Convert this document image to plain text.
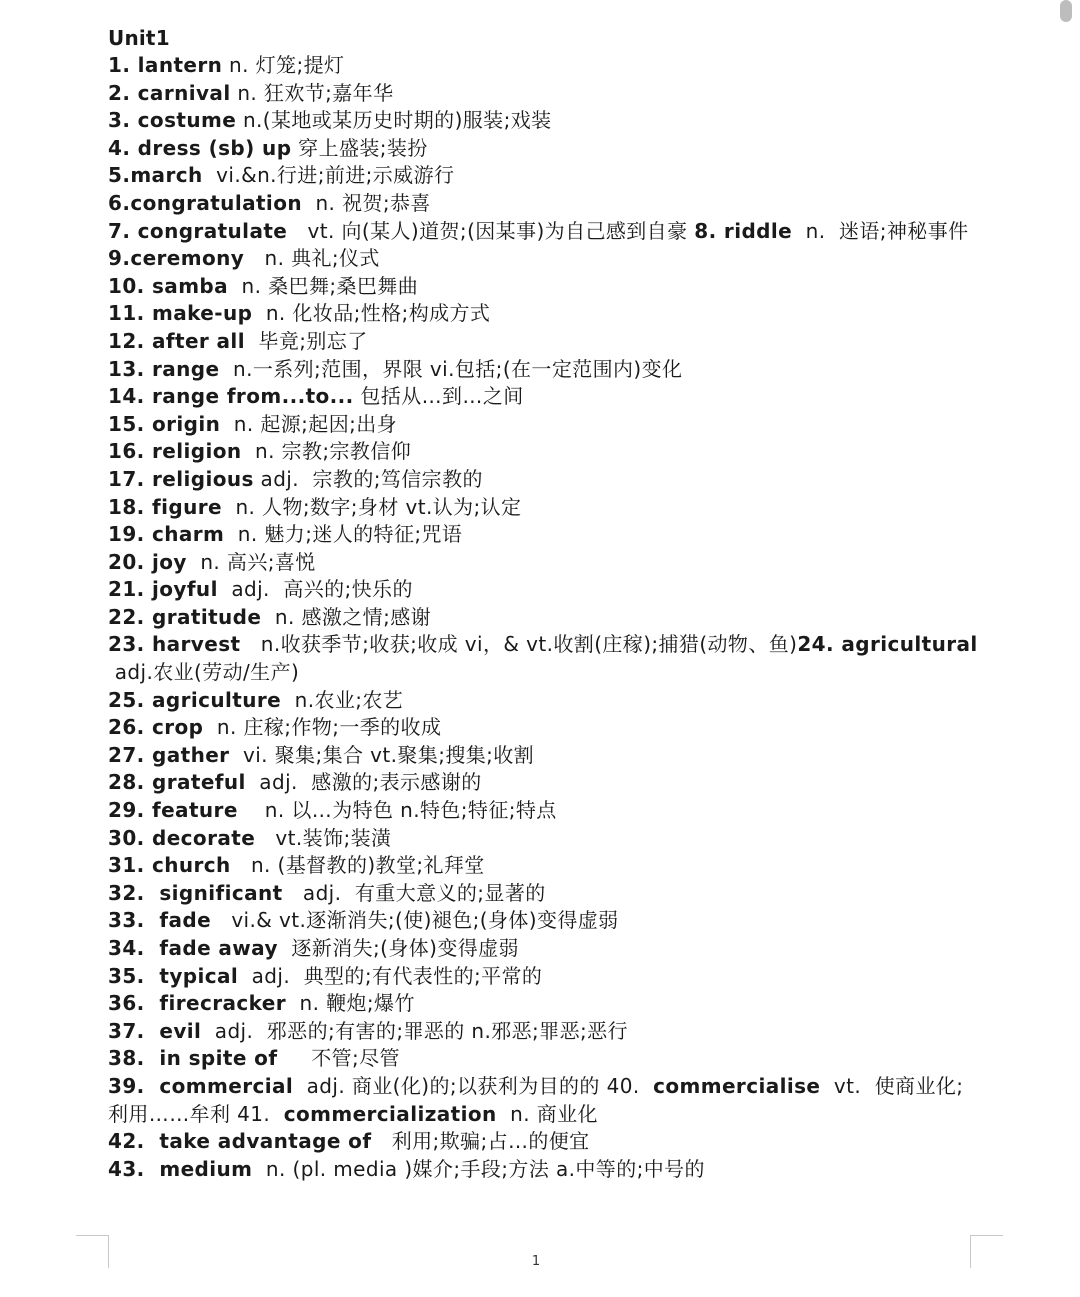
Unit1
1. lantern n. 灯笼;提灯
2. carnival n. 狂欢节;嘉年华
3. costume n.(某地或某历史时期的)服装;戏装
4. dress (sb) up 穿上盛装;装扮
5.march  vi.&n.行进;前进;示威游行
6.congratulation  n. 祝贺;恭喜
7. congratulate   vt. 向(某人)道贺;(因某事)为自己感到自豪 8. riddle  n.  迷语;神秘事件
9.ceremony   n. 典礼;仪式
10. samba  n. 桑巴舞;桑巴舞曲
11. make-up  n. 化妆品;性格;构成方式
12. after all  毕竟;别忘了
13. range  n.一系列;范围，界限 vi.包括;(在一定范围内)变化
14. range from...to... 包括从…到…之间
15. origin  n. 起源;起因;出身
16. religion  n. 宗教;宗教信仰
17. religious adj.  宗教的;笃信宗教的
18. figure  n. 人物;数字;身材 vt.认为;认定
19. charm  n. 魅力;迷人的特征;咒语
20. joy  n. 高兴;喜悦
21. joyful  adj.  高兴的;快乐的
22. gratitude  n. 感激之情;感谢
23. harvest   n.收获季节;收获;收成 vi，& vt.收割(庄稼);捕猎(动物、鱼)24. agricultural
adj.农业(劳动/生产)
25. agriculture  n.农业;农艺
26. crop  n. 庄稼;作物;一季的收成
27. gather  vi. 聚集;集合 vt.聚集;搜集;收割
28. grateful  adj.  感激的;表示感谢的
29. feature    n. 以…为特色 n.特色;特征;特点
30. decorate   vt.装饰;装潢
31. church   n. (基督教的)教堂;礼拜堂
32.  significant   adj.  有重大意义的;显著的
33.  fade   vi.& vt.逐渐消失;(使)褪色;(身体)变得虚弱
34.  fade away  逐新消失;(身体)变得虚弱
35.  typical  adj.  典型的;有代表性的;平常的
36.  firecracker  n. 鞭炮;爆竹
37.  evil  adj.  邪恶的;有害的;罪恶的 n.邪恶;罪恶;恶行
38.  in spite of     不管;尽管
39.  commercial  adj. 商业(化)的;以获利为目的的 40.  commercialise  vt.  使商业化;利用……牟利 41.  commercialization  n. 商业化
42.  take advantage of   利用;欺骗;占…的便宜
43.  medium  n. (pl. media )媒介;手段;方法 a.中等的;中号的
1
